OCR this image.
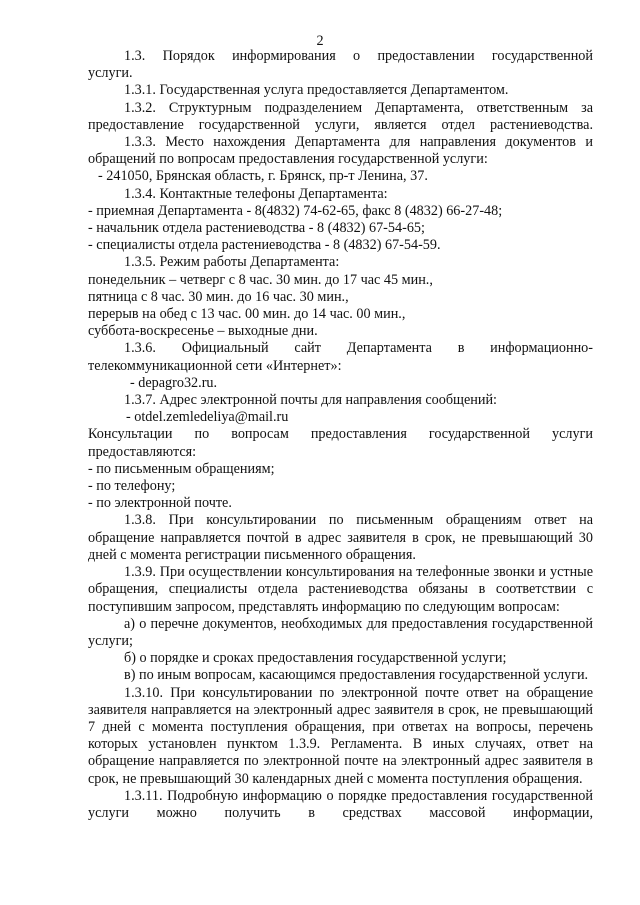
2

1.3. Порядок информирования о предоставлении государственной

услуги.

1.3.1. Государственная услуга предоставляется Департаментом.

1.3.2. Структурным подразделением Департамента, ответственным за

предоставление государственной услуги, является отдел растениеводства.

1.3.3. Место нахождения Департамента для направления документов и

обращений по вопросам предоставления государственной услуги:

- 241050, Брянская область, г. Брянск, пр-т Ленина, 37.

1.3.4. Контактные телефоны Департамента:

- приемная Департамента - 8(4832) 74-62-65, факс 8 (4832) 66-27-48;

- начальник отдела растениеводства - 8 (4832) 67-54-65;

- специалисты отдела растениеводства - 8 (4832) 67-54-59.

1.3.5. Режим работы Департамента:

понедельник – четверг с 8 час. 30 мин. до 17 час 45 мин.,

пятница с 8 час. 30 мин. до 16 час. 30 мин.,

перерыв на обед с 13 час. 00 мин. до 14 час. 00 мин.,

суббота-воскресенье – выходные дни.

1.3.6. Официальный сайт Департамента в информационно-

телекоммуникационной сети «Интернет»:

- depagro32.ru.

1.3.7. Адрес электронной почты для направления сообщений:

- otdel.zemledeliya@mail.ru

Консультации по вопросам предоставления государственной услуги

предоставляются:

- по письменным обращениям;

- по телефону;

- по электронной почте.

1.3.8. При консультировании по письменным обращениям ответ на обращение направляется почтой в адрес заявителя в срок, не превышающий 30 дней с момента регистрации письменного обращения.

1.3.9. При осуществлении консультирования на телефонные звонки и устные обращения, специалисты отдела растениеводства обязаны в соответствии с поступившим запросом, представлять информацию по следующим вопросам:

а) о перечне документов, необходимых для предоставления государственной услуги;

б) о порядке и сроках предоставления государственной услуги;

в) по иным вопросам, касающимся предоставления государственной услуги.

1.3.10. При консультировании по электронной почте ответ на обращение заявителя направляется на электронный адрес заявителя в срок, не превышающий 7 дней с момента поступления обращения, при ответах на вопросы, перечень которых установлен пунктом 1.3.9. Регламента. В иных случаях, ответ на обращение направляется по электронной почте на электронный адрес заявителя в срок, не превышающий 30 календарных дней с момента поступления обращения.

1.3.11. Подробную информацию о порядке предоставления государственной услуги можно получить в средствах массовой информации,
